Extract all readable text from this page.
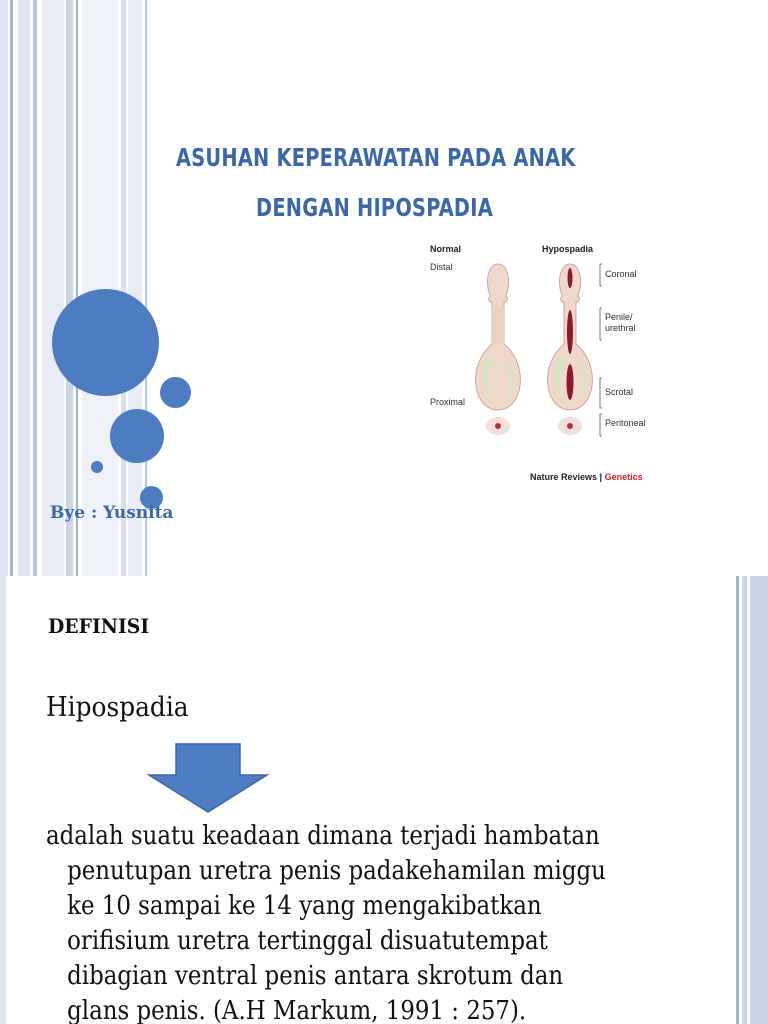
ASUHAN KEPERAWATAN PADA ANAK
DENGAN HIPOSPADIA
Bye : Yusnita
Normal	Hypospadia
Distal
Proximal
Coronal
Penile/
urethral
Scrotal
Peritoneal
Nature Reviews | Genetics
DEFINISI
Hipospadia
adalah suatu keadaan dimana terjadi hambatan
penutupan uretra penis padakehamilan miggu
ke 10 sampai ke 14 yang mengakibatkan
orifisium uretra tertinggal disuatutempat
dibagian ventral penis antara skrotum dan
glans penis. (A.H Markum, 1991 : 257).
